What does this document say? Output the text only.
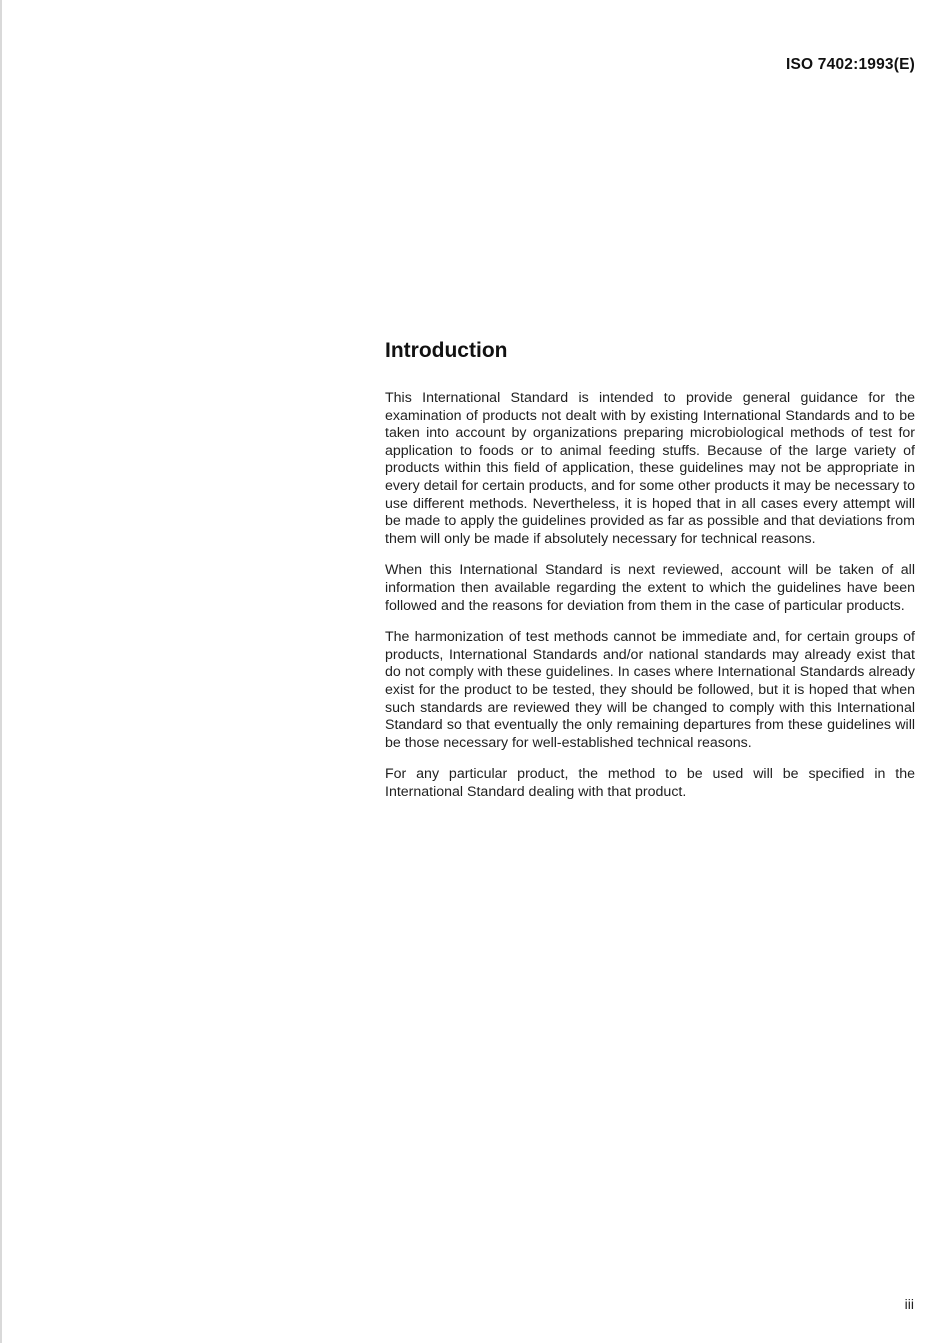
ISO 7402:1993(E)
Introduction

This International Standard is intended to provide general guidance for the examination of products not dealt with by existing International Standards and to be taken into account by organizations preparing microbiological methods of test for application to foods or to animal feeding stuffs. Because of the large variety of products within this field of application, these guidelines may not be appropriate in every detail for certain products, and for some other products it may be necessary to use different methods. Nevertheless, it is hoped that in all cases every attempt will be made to apply the guidelines provided as far as possible and that deviations from them will only be made if absolutely necessary for technical reasons.

When this International Standard is next reviewed, account will be taken of all information then available regarding the extent to which the guidelines have been followed and the reasons for deviation from them in the case of particular products.

The harmonization of test methods cannot be immediate and, for certain groups of products, International Standards and/or national standards may already exist that do not comply with these guidelines. In cases where International Standards already exist for the product to be tested, they should be followed, but it is hoped that when such standards are reviewed they will be changed to comply with this International Standard so that eventually the only remaining departures from these guidelines will be those necessary for well-established technical reasons.

For any particular product, the method to be used will be specified in the International Standard dealing with that product.

iii
